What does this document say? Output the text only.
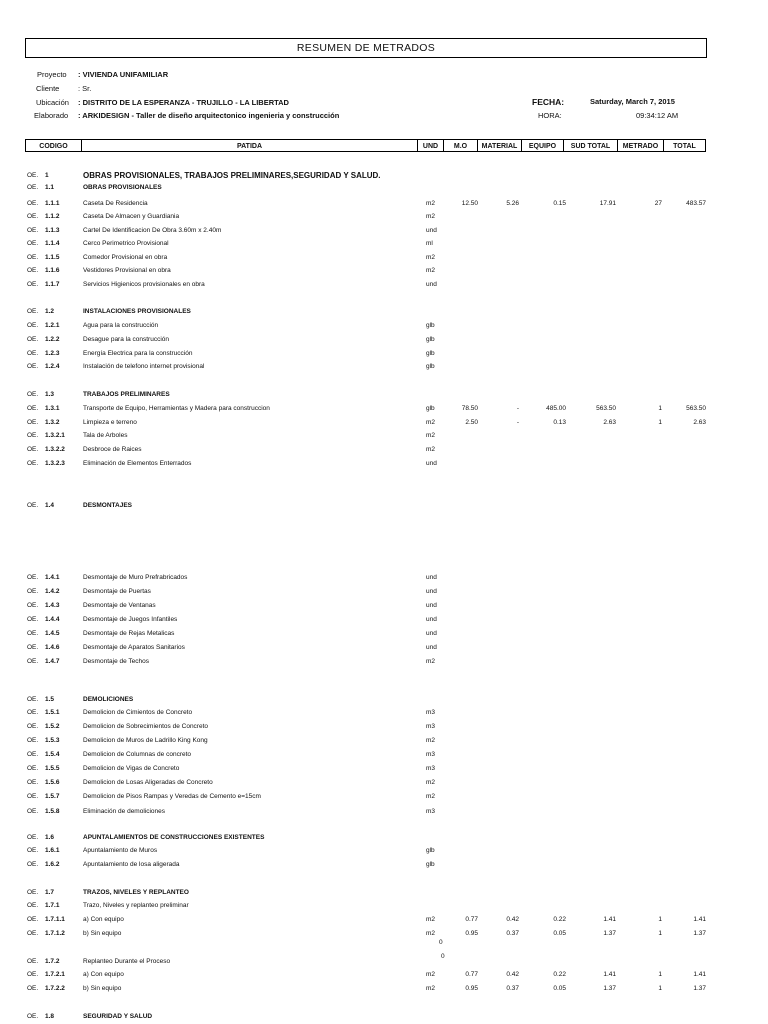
RESUMEN DE METRADOS
Proyecto : VIVIENDA UNIFAMILIAR
Cliente : Sr.
Ubicación : DISTRITO DE LA ESPERANZA - TRUJILLO - LA LIBERTAD
Elaborado : ARKIDESIGN - Taller de diseño arquitectonico ingenieria y construcción
FECHA:	Saturday, March 7, 2015
HORA:	09:34:12 AM
CODIGO	PATIDA	UND	M.O	MATERIAL	EQUIPO	SUD TOTAL	METRADO	TOTAL
OE. 1	OBRAS PROVISIONALES, TRABAJOS PRELIMINARES,SEGURIDAD Y SALUD.
OE. 1.1	OBRAS PROVISIONALES
OE. 1.1.1	Caseta De Residencia	m2	12.50	5.26	0.15	17.91	27	483.57
OE. 1.1.2	Caseta De Almacen y Guardiania	m2
OE. 1.1.3	Cartel De Identificacion De Obra 3.60m x 2.40m	und
OE. 1.1.4	Cerco Perimetrico Provisional	ml
OE. 1.1.5	Comedor Provisional en obra	m2
OE. 1.1.6	Vestidores Provisional en obra	m2
OE. 1.1.7	Servicios Higienicos provisionales en obra	und
OE. 1.2	INSTALACIONES PROVISIONALES
OE. 1.2.1	Agua para la construcción	glb
OE. 1.2.2	Desague para la construcción	glb
OE. 1.2.3	Energía Electrica para la construcción	glb
OE. 1.2.4	Instalación de telefono internet provisional	glb
OE. 1.3	TRABAJOS PRELIMINARES
OE. 1.3.1	Transporte de Equipo, Herramientas y Madera para construccion	glb	78.50	-	485.00	563.50	1	563.50
OE. 1.3.2	Limpieza e terreno	m2	2.50	-	0.13	2.63	1	2.63
OE. 1.3.2.1	Tala de Arboles	m2
OE. 1.3.2.2	Desbroce de Raices	m2
OE. 1.3.2.3	Eliminación de Elementos Enterrados	und
OE. 1.4	DESMONTAJES
OE. 1.4.1	Desmontaje de Muro Prefrabricados	und
OE. 1.4.2	Desmontaje de Puertas	und
OE. 1.4.3	Desmontaje de Ventanas	und
OE. 1.4.4	Desmontaje de Juegos Infantiles	und
OE. 1.4.5	Desmontaje de Rejas Metalicas	und
OE. 1.4.6	Desmontaje de Aparatos Sanitarios	und
OE. 1.4.7	Desmontaje de Techos	m2
OE. 1.5	DEMOLICIONES
OE. 1.5.1	Demolicion de Cimientos de Concreto	m3
OE. 1.5.2	Demolicion de Sobrecimientos de Concreto	m3
OE. 1.5.3	Demolicion de Muros de Ladrillo King Kong	m2
OE. 1.5.4	Demolicion de Columnas de concreto	m3
OE. 1.5.5	Demolicion de Vigas de Concreto	m3
OE. 1.5.6	Demolicion de Losas Aligeradas de Concreto	m2
OE. 1.5.7	Demolicion de Pisos Rampas y Veredas de Cemento e=15cm	m2
OE. 1.5.8	Eliminación de demoliciones	m3
OE. 1.6	APUNTALAMIENTOS DE CONSTRUCCIONES EXISTENTES
OE. 1.6.1	Apuntalamiento de Muros	glb
OE. 1.6.2	Apuntalamiento de losa aligerada	glb
OE. 1.7	TRAZOS, NIVELES Y REPLANTEO
OE. 1.7.1	Trazo, Niveles y replanteo preliminar
OE. 1.7.1.1	a) Con equipo	m2	0.77	0.42	0.22	1.41	1	1.41
OE. 1.7.1.2	b) Sin equipo	m2	0.95	0.37	0.05	1.37	1	1.37
OE. 1.7.2	Replanteo Durante el Proceso
OE. 1.7.2.1	a) Con equipo	m2	0.77	0.42	0.22	1.41	1	1.41
OE. 1.7.2.2	b) Sin equipo	m2	0.95	0.37	0.05	1.37	1	1.37
OE. 1.8	SEGURIDAD Y SALUD
0
0
